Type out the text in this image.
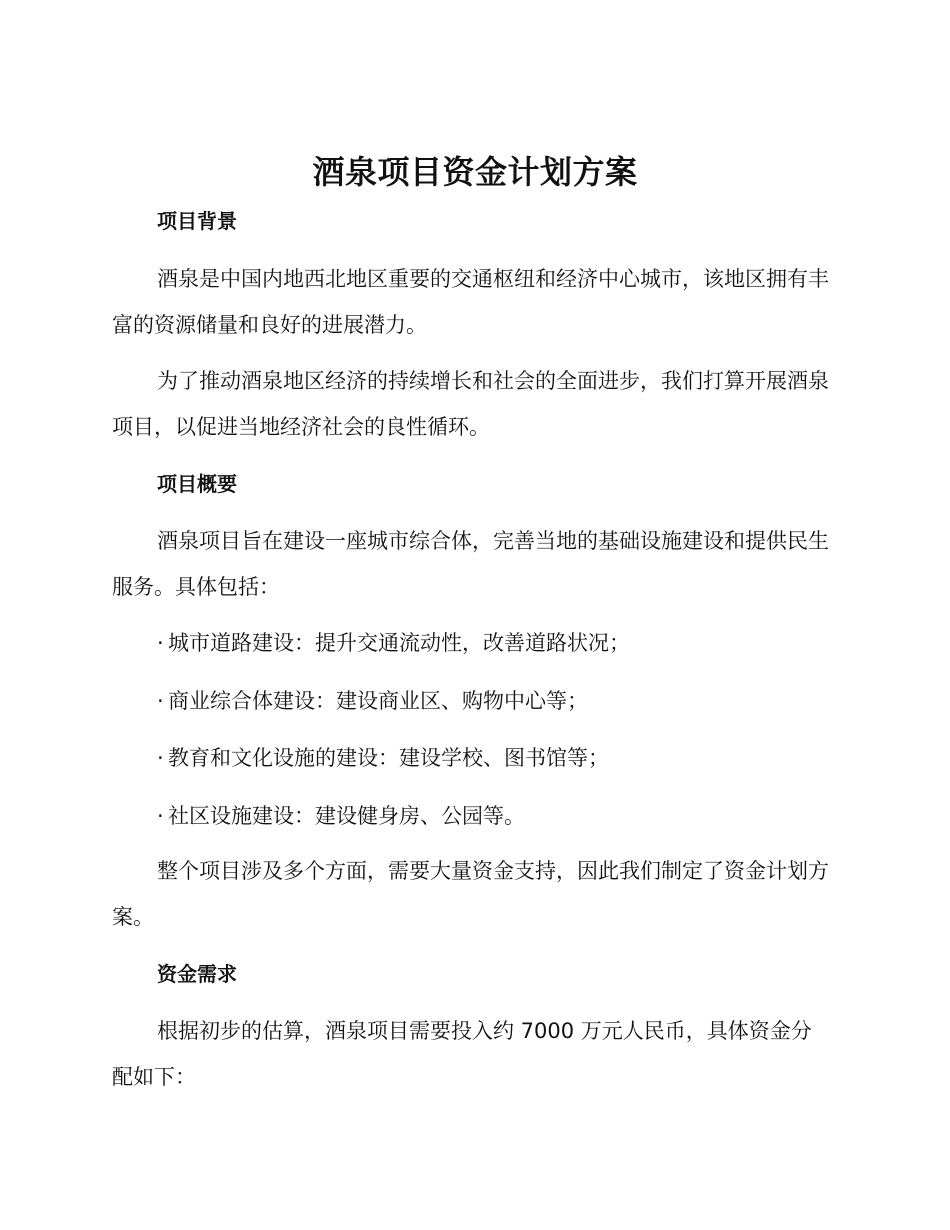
酒泉项目资金计划方案
项目背景

酒泉是中国内地西北地区重要的交通枢纽和经济中心城市，该地区拥有丰富的资源储量和良好的进展潜力。

为了推动酒泉地区经济的持续增长和社会的全面进步，我们打算开展酒泉项目，以促进当地经济社会的良性循环。

项目概要

酒泉项目旨在建设一座城市综合体，完善当地的基础设施建设和提供民生服务。具体包括：

· 城市道路建设：提升交通流动性，改善道路状况；
· 商业综合体建设：建设商业区、购物中心等；
· 教育和文化设施的建设：建设学校、图书馆等；
· 社区设施建设：建设健身房、公园等。

整个项目涉及多个方面，需要大量资金支持，因此我们制定了资金计划方案。

资金需求

根据初步的估算，酒泉项目需要投入约 7000 万元人民币，具体资金分配如下：
